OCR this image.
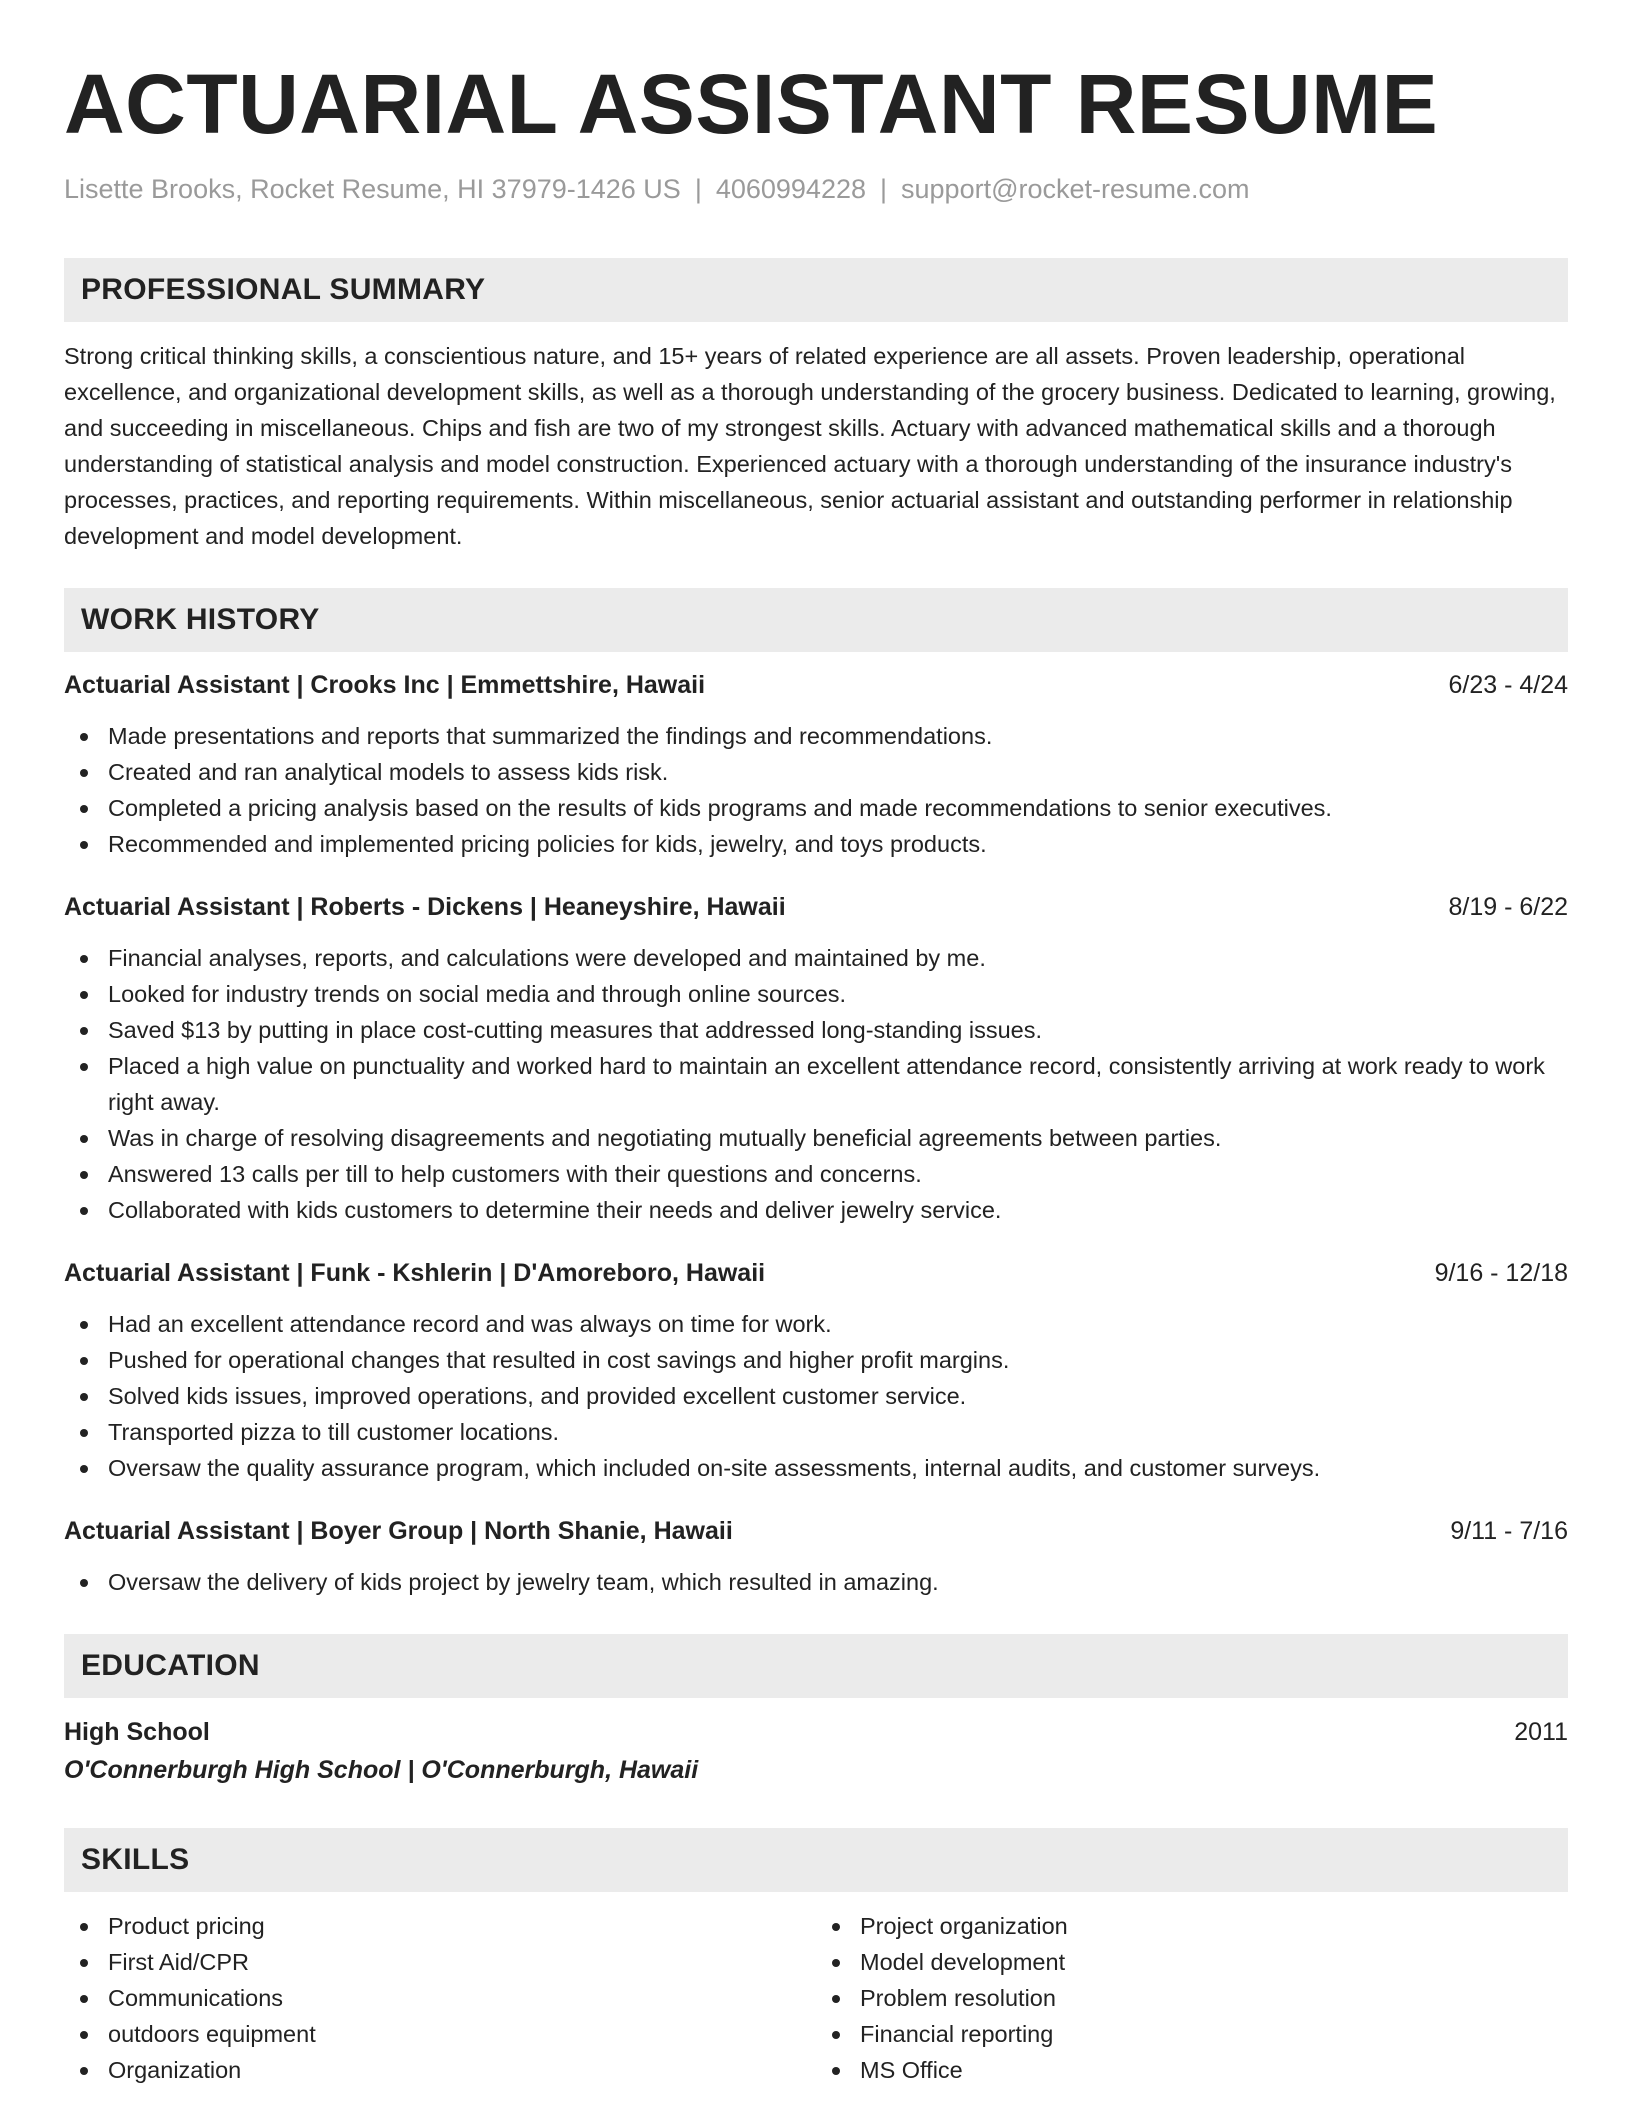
ACTUARIAL ASSISTANT RESUME
Lisette Brooks, Rocket Resume, HI 37979-1426 US | 4060994228 | support@rocket-resume.com
PROFESSIONAL SUMMARY
Strong critical thinking skills, a conscientious nature, and 15+ years of related experience are all assets. Proven leadership, operational excellence, and organizational development skills, as well as a thorough understanding of the grocery business. Dedicated to learning, growing, and succeeding in miscellaneous. Chips and fish are two of my strongest skills. Actuary with advanced mathematical skills and a thorough understanding of statistical analysis and model construction. Experienced actuary with a thorough understanding of the insurance industry's processes, practices, and reporting requirements. Within miscellaneous, senior actuarial assistant and outstanding performer in relationship development and model development.
WORK HISTORY
Actuarial Assistant | Crooks Inc | Emmettshire, Hawaii	6/23 - 4/24
Made presentations and reports that summarized the findings and recommendations.
Created and ran analytical models to assess kids risk.
Completed a pricing analysis based on the results of kids programs and made recommendations to senior executives.
Recommended and implemented pricing policies for kids, jewelry, and toys products.
Actuarial Assistant | Roberts - Dickens | Heaneyshire, Hawaii	8/19 - 6/22
Financial analyses, reports, and calculations were developed and maintained by me.
Looked for industry trends on social media and through online sources.
Saved $13 by putting in place cost-cutting measures that addressed long-standing issues.
Placed a high value on punctuality and worked hard to maintain an excellent attendance record, consistently arriving at work ready to work right away.
Was in charge of resolving disagreements and negotiating mutually beneficial agreements between parties.
Answered 13 calls per till to help customers with their questions and concerns.
Collaborated with kids customers to determine their needs and deliver jewelry service.
Actuarial Assistant | Funk - Kshlerin | D'Amoreboro, Hawaii	9/16 - 12/18
Had an excellent attendance record and was always on time for work.
Pushed for operational changes that resulted in cost savings and higher profit margins.
Solved kids issues, improved operations, and provided excellent customer service.
Transported pizza to till customer locations.
Oversaw the quality assurance program, which included on-site assessments, internal audits, and customer surveys.
Actuarial Assistant | Boyer Group | North Shanie, Hawaii	9/11 - 7/16
Oversaw the delivery of kids project by jewelry team, which resulted in amazing.
EDUCATION
High School	2011
O'Connerburgh High School | O'Connerburgh, Hawaii
SKILLS
Product pricing
First Aid/CPR
Communications
outdoors equipment
Organization
Project organization
Model development
Problem resolution
Financial reporting
MS Office
